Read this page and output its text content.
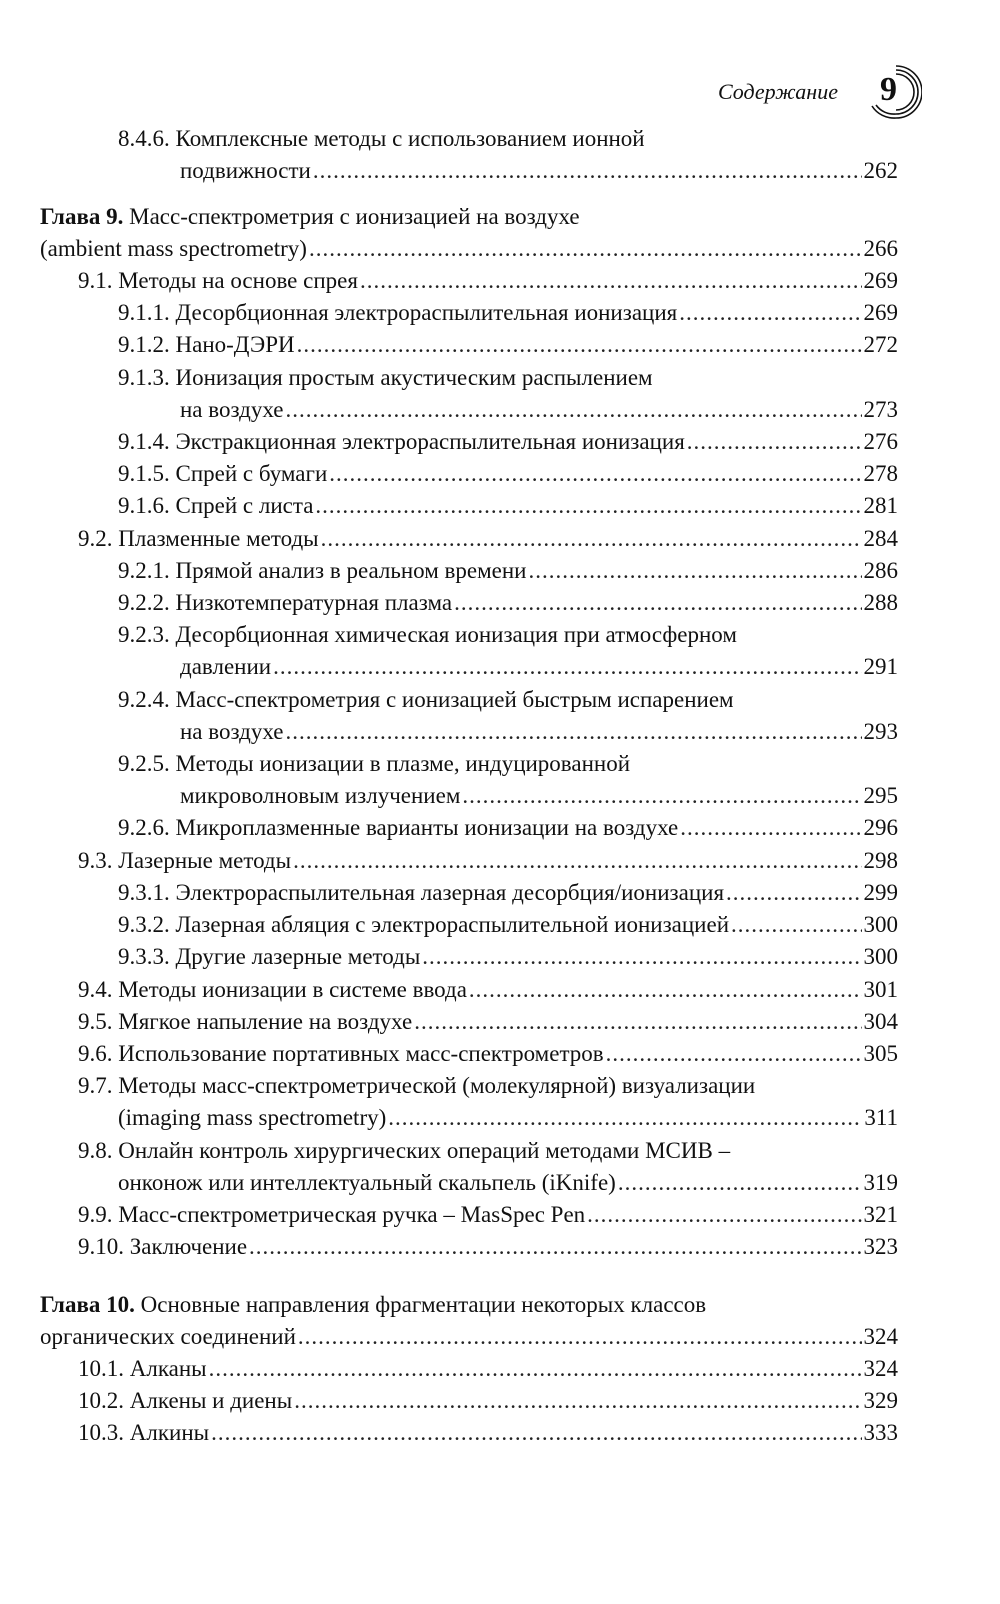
Содержание 9
8.4.6. Комплексные методы с использованием ионной
подвижности .....	262
Глава 9.
Масс-спектрометрия с ионизацией на воздухе
(ambient mass spectrometry) .....	266
9.1. Методы на основе спрея .....	269
9.1.1. Десорбционная электрораспылительная ионизация .....	269
9.1.2. Нано-ДЭРИ .....	272
9.1.3. Ионизация простым акустическим распылением
на воздухе .....	273
9.1.4. Экстракционная электрораспылительная ионизация .....	276
9.1.5. Спрей с бумаги .....	278
9.1.6. Спрей с листа .....	281
9.2. Плазменные методы .....	284
9.2.1. Прямой анализ в реальном времени .....	286
9.2.2. Низкотемпературная плазма .....	288
9.2.3. Десорбционная химическая ионизация при атмосферном
давлении .....	291
9.2.4. Масс-спектрометрия с ионизацией быстрым испарением
на воздухе .....	293
9.2.5. Методы ионизации в плазме, индуцированной
микроволновым излучением .....	295
9.2.6. Микроплазменные варианты ионизации на воздухе .....	296
9.3. Лазерные методы .....	298
9.3.1. Электрораспылительная лазерная десорбция/ионизация .....	299
9.3.2. Лазерная абляция с электрораспылительной ионизацией .....	300
9.3.3. Другие лазерные методы .....	300
9.4. Методы ионизации в системе ввода .....	301
9.5. Мягкое напыление на воздухе .....	304
9.6. Использование портативных масс-спектрометров .....	305
9.7. Методы масс-спектрометрической (молекулярной) визуализации
(imaging mass spectrometry) .....	311
9.8. Онлайн контроль хирургических операций методами МСИВ –
онконож или интеллектуальный скальпель (iKnife) .....	319
9.9. Масс-спектрометрическая ручка – MasSpec Pen .....	321
9.10. Заключение .....	323
Глава 10.
Основные направления фрагментации некоторых классов
органических соединений .....	324
10.1. Алканы .....	324
10.2. Алкены и диены .....	329
10.3. Алкины .....	333
